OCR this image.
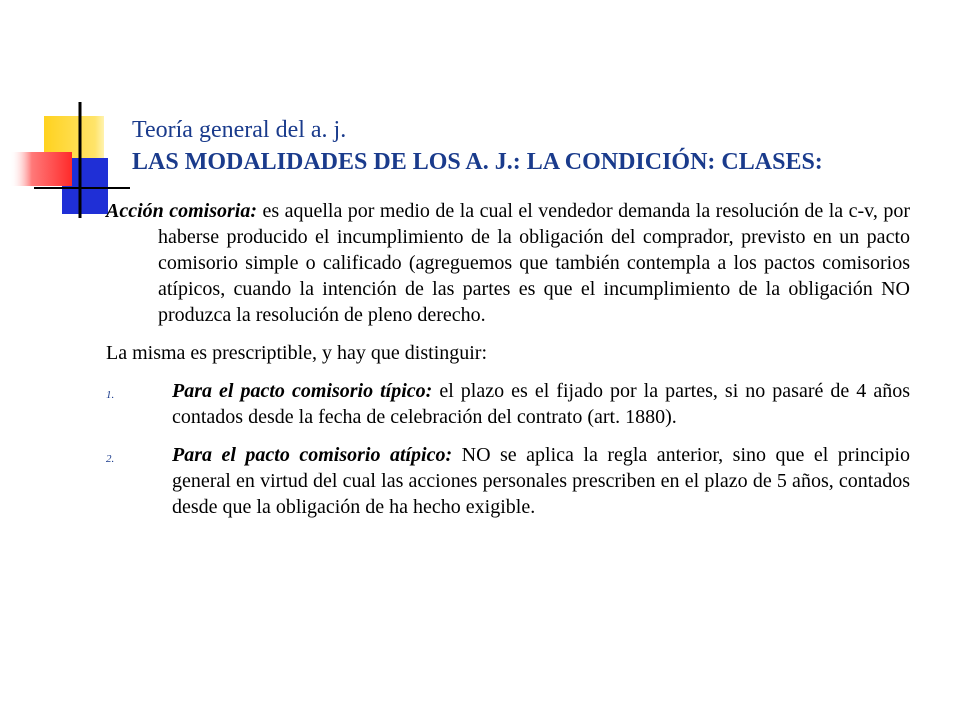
Teoría general del a. j.
LAS MODALIDADES DE LOS A. J.: LA CONDICIÓN: CLASES:

Acción comisoria: es aquella por medio de la cual el vendedor demanda la resolución de la c-v, por haberse producido el incumplimiento de la obligación del comprador, previsto en un pacto comisorio simple o calificado (agreguemos que también contempla a los pactos comisorios atípicos, cuando la intención de las partes es que el incumplimiento de la obligación NO produzca la resolución de pleno derecho.

La misma es prescriptible, y hay que distinguir:

1.	Para el pacto comisorio típico: el plazo es el fijado por la partes, si no pasaré de 4 años contados desde la fecha de celebración del contrato (art. 1880).
2.	Para el pacto comisorio atípico: NO se aplica la regla anterior, sino que el principio general en virtud del cual las acciones personales prescriben en el plazo de 5 años, contados desde que la obligación de ha hecho exigible.
